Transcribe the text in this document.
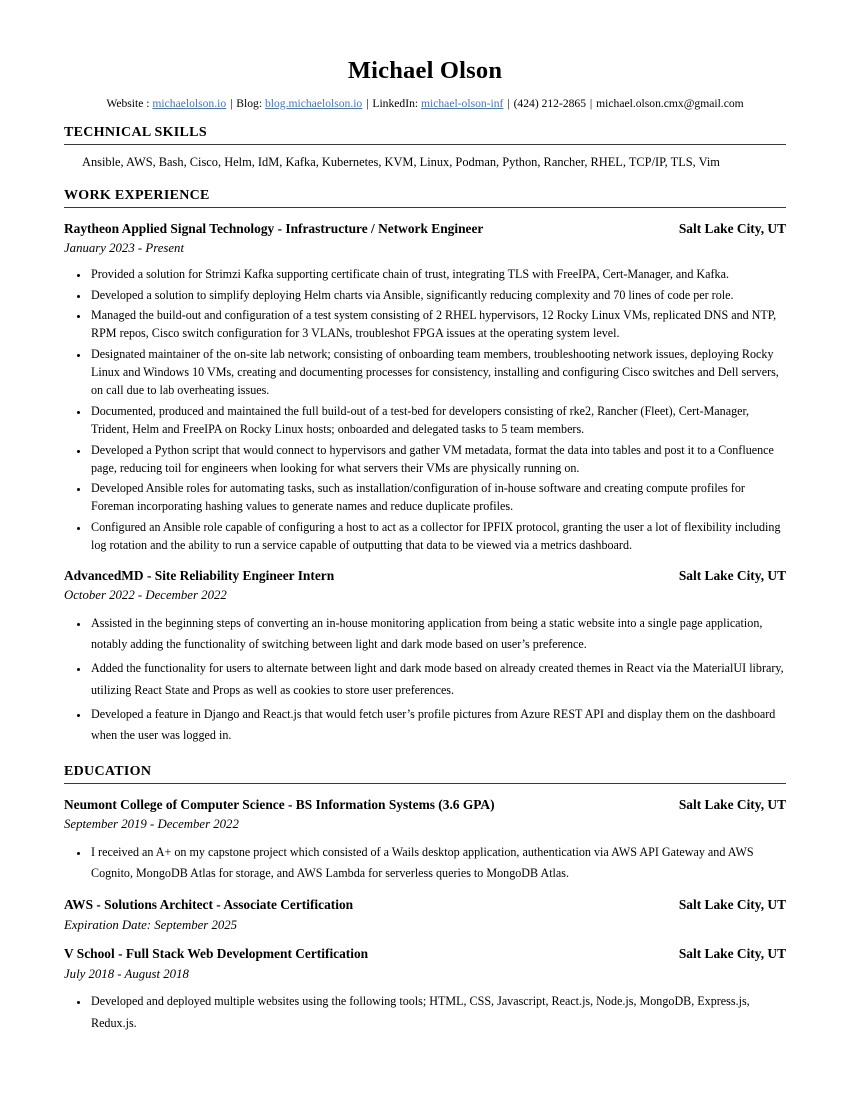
Michael Olson
Website : michaelolson.io | Blog: blog.michaelolson.io | LinkedIn: michael-olson-inf | (424) 212-2865 | michael.olson.cmx@gmail.com
TECHNICAL SKILLS
Ansible, AWS, Bash, Cisco, Helm, IdM, Kafka, Kubernetes, KVM, Linux, Podman, Python, Rancher, RHEL, TCP/IP, TLS, Vim
WORK EXPERIENCE
Raytheon Applied Signal Technology - Infrastructure / Network Engineer	Salt Lake City, UT
January 2023 - Present
• Provided a solution for Strimzi Kafka supporting certificate chain of trust, integrating TLS with FreeIPA, Cert-Manager, and Kafka.
• Developed a solution to simplify deploying Helm charts via Ansible, significantly reducing complexity and 70 lines of code per role.
• Managed the build-out and configuration of a test system consisting of 2 RHEL hypervisors, 12 Rocky Linux VMs, replicated DNS and NTP, RPM repos, Cisco switch configuration for 3 VLANs, troubleshot FPGA issues at the operating system level.
• Designated maintainer of the on-site lab network; consisting of onboarding team members, troubleshooting network issues, deploying Rocky Linux and Windows 10 VMs, creating and documenting processes for consistency, installing and configuring Cisco switches and Dell servers, on call due to lab overheating issues.
• Documented, produced and maintained the full build-out of a test-bed for developers consisting of rke2, Rancher (Fleet), Cert-Manager, Trident, Helm and FreeIPA on Rocky Linux hosts; onboarded and delegated tasks to 5 team members.
• Developed a Python script that would connect to hypervisors and gather VM metadata, format the data into tables and post it to a Confluence page, reducing toil for engineers when looking for what servers their VMs are physically running on.
• Developed Ansible roles for automating tasks, such as installation/configuration of in-house software and creating compute profiles for Foreman incorporating hashing values to generate names and reduce duplicate profiles.
• Configured an Ansible role capable of configuring a host to act as a collector for IPFIX protocol, granting the user a lot of flexibility including log rotation and the ability to run a service capable of outputting that data to be viewed via a metrics dashboard.
AdvancedMD - Site Reliability Engineer Intern	Salt Lake City, UT
October 2022 - December 2022
• Assisted in the beginning steps of converting an in-house monitoring application from being a static website into a single page application, notably adding the functionality of switching between light and dark mode based on user’s preference.
• Added the functionality for users to alternate between light and dark mode based on already created themes in React via the MaterialUI library, utilizing React State and Props as well as cookies to store user preferences.
• Developed a feature in Django and React.js that would fetch user’s profile pictures from Azure REST API and display them on the dashboard when the user was logged in.
EDUCATION
Neumont College of Computer Science - BS Information Systems (3.6 GPA)	Salt Lake City, UT
September 2019 - December 2022
• I received an A+ on my capstone project which consisted of a Wails desktop application, authentication via AWS API Gateway and AWS Cognito, MongoDB Atlas for storage, and AWS Lambda for serverless queries to MongoDB Atlas.
AWS - Solutions Architect - Associate Certification	Salt Lake City, UT
Expiration Date: September 2025
V School - Full Stack Web Development Certification	Salt Lake City, UT
July 2018 - August 2018
• Developed and deployed multiple websites using the following tools; HTML, CSS, Javascript, React.js, Node.js, MongoDB, Express.js, Redux.js.
